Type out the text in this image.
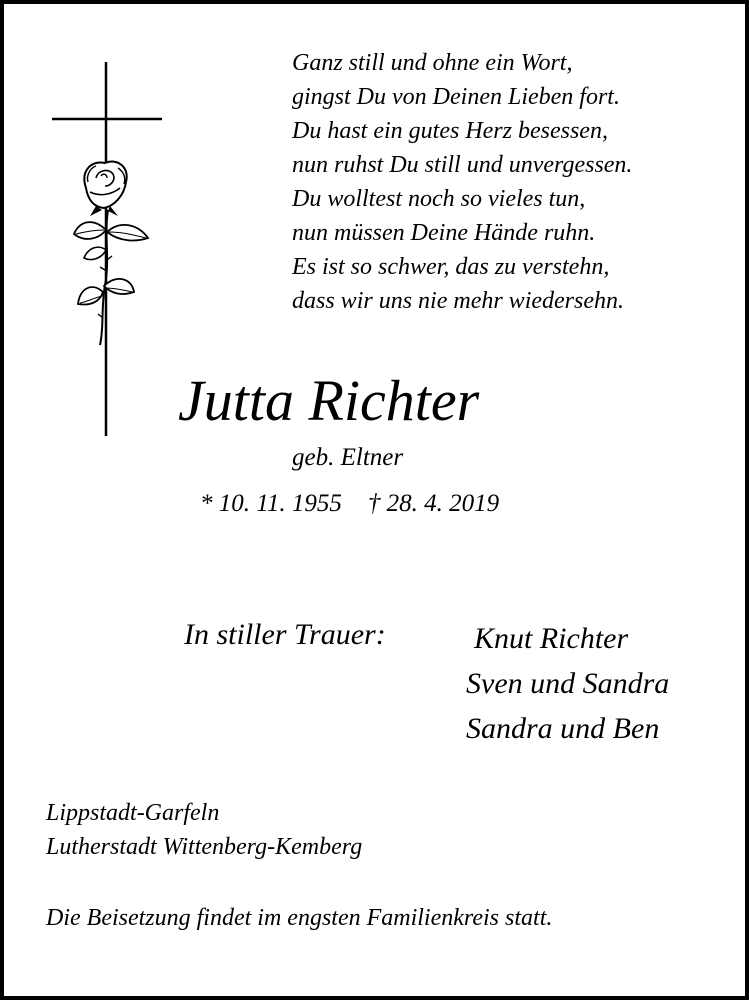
Ganz still und ohne ein Wort,
gingst Du von Deinen Lieben fort.
Du hast ein gutes Herz besessen,
nun ruhst Du still und unvergessen.
Du wolltest noch so vieles tun,
nun müssen Deine Hände ruhn.
Es ist so schwer, das zu verstehn,
dass wir uns nie mehr wiedersehn.
Jutta Richter
geb. Eltner
* 10. 11. 1955 † 28. 4. 2019
In stiller Trauer:	Knut Richter
Sven und Sandra
Sandra und Ben
Lippstadt-Garfeln
Lutherstadt Wittenberg-Kemberg
Die Beisetzung findet im engsten Familienkreis statt.
